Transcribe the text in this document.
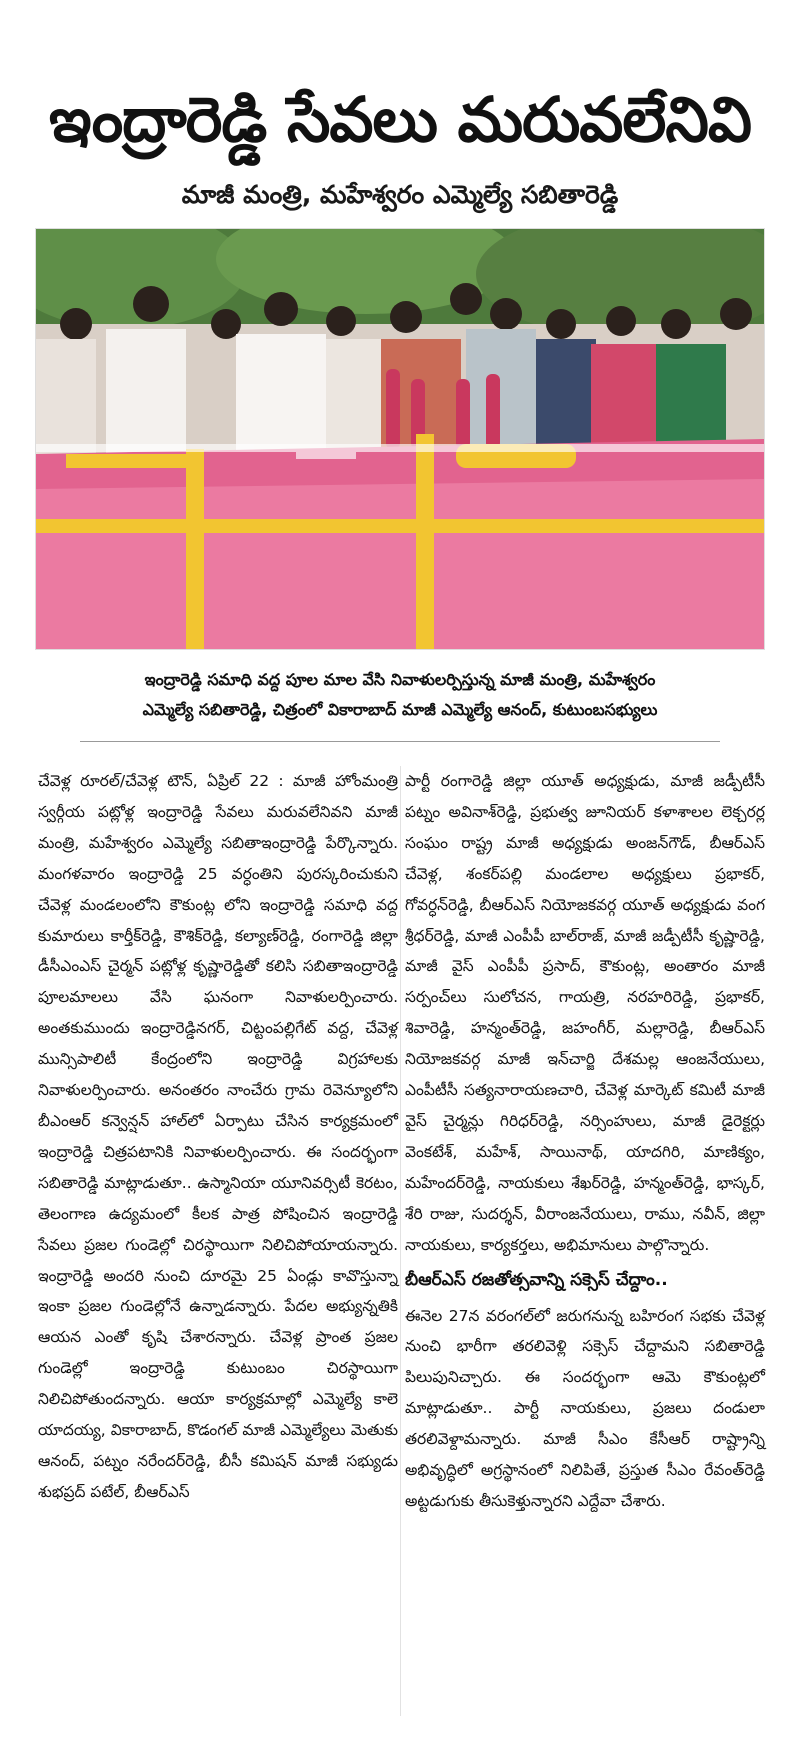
ఇంద్రారెడ్డి సేవలు మరువలేనివి
మాజీ మంత్రి, మహేశ్వరం ఎమ్మెల్యే సబితారెడ్డి
ఇంద్రారెడ్డి సమాధి వద్ద పూల మాల వేసి నివాళులర్పిస్తున్న మాజీ మంత్రి, మహేశ్వరం
ఎమ్మెల్యే సబితారెడ్డి, చిత్రంలో వికారాబాద్ మాజీ ఎమ్మెల్యే ఆనంద్, కుటుంబసభ్యులు

చేవెళ్ల రూరల్/చేవెళ్ల టౌన్, ఏప్రిల్ 22 : మాజీ హోంమంత్రి స్వర్గీయ పట్లోళ్ల ఇంద్రారెడ్డి సేవలు మరువలేనివని మాజీ మంత్రి, మహేశ్వరం ఎమ్మెల్యే సబితాఇంద్రారెడ్డి పేర్కొన్నారు. మంగళవారం ఇంద్రారెడ్డి 25 వర్ధంతిని పురస్కరించుకుని చేవెళ్ల మండలంలోని కౌకుంట్ల లోని ఇంద్రారెడ్డి సమాధి వద్ద కుమారులు కార్తీక్‌రెడ్డి, కౌశిక్‌రెడ్డి, కల్యాణ్‌రెడ్డి, రంగారెడ్డి జిల్లా డీసీఎంఎస్ చైర్మన్ పట్లోళ్ల కృష్ణారెడ్డితో కలిసి సబితాఇంద్రారెడ్డి పూలమాలలు వేసి ఘనంగా నివాళులర్పించారు. అంతకుముందు ఇంద్రారెడ్డినగర్, చిట్టంపల్లిగేట్ వద్ద, చేవెళ్ల మున్సిపాలిటీ కేంద్రంలోని ఇంద్రారెడ్డి విగ్రహాలకు నివాళులర్పించారు. అనంతరం నాంచేరు గ్రామ రెవెన్యూలోని బీఎంఆర్ కన్వెన్షన్ హాల్‌లో ఏర్పాటు చేసిన కార్యక్రమంలో ఇంద్రారెడ్డి చిత్రపటానికి నివాళులర్పించారు. ఈ సందర్భంగా సబితారెడ్డి మాట్లాడుతూ.. ఉస్మానియా యూనివర్సిటీ కెరటం, తెలంగాణ ఉద్యమంలో కీలక పాత్ర పోషించిన ఇంద్రారెడ్డి సేవలు ప్రజల గుండెల్లో చిరస్థాయిగా నిలిచిపోయాయన్నారు. ఇంద్రారెడ్డి అందరి నుంచి దూరమై 25 ఏండ్లు కావొస్తున్నా ఇంకా ప్రజల గుండెల్లోనే ఉన్నాడన్నారు. పేదల అభ్యున్నతికి ఆయన ఎంతో కృషి చేశారన్నారు. చేవెళ్ల ప్రాంత ప్రజల గుండెల్లో ఇంద్రారెడ్డి కుటుంబం చిరస్థాయిగా నిలిచిపోతుందన్నారు. ఆయా కార్యక్రమాల్లో ఎమ్మెల్యే కాలె యాదయ్య, వికారాబాద్, కొడంగల్ మాజీ ఎమ్మెల్యేలు మెతుకు ఆనంద్, పట్నం నరేందర్‌రెడ్డి, బీసీ కమిషన్ మాజీ సభ్యుడు శుభప్రద్ పటేల్, బీఆర్‌ఎస్

పార్టీ రంగారెడ్డి జిల్లా యూత్ అధ్యక్షుడు, మాజీ జడ్పీటీసీ పట్నం అవినాశ్‌రెడ్డి, ప్రభుత్వ జూనియర్ కళాశాలల లెక్చరర్ల సంఘం రాష్ట్ర మాజీ అధ్యక్షుడు అంజన్‌గౌడ్, బీఆర్‌ఎస్ చేవెళ్ల, శంకర్‌పల్లి మండలాల అధ్యక్షులు ప్రభాకర్, గోవర్ధన్‌రెడ్డి, బీఆర్‌ఎస్ నియోజకవర్గ యూత్ అధ్యక్షుడు వంగ శ్రీధర్‌రెడ్డి, మాజీ ఎంపీపీ బాల్‌రాజ్, మాజీ జడ్పీటీసీ కృష్ణారెడ్డి, మాజీ వైస్ ఎంపీపీ ప్రసాద్, కౌకుంట్ల, అంతారం మాజీ సర్పంచ్‌లు సులోచన, గాయత్రి, నరహరిరెడ్డి, ప్రభాకర్, శివారెడ్డి, హన్మంత్‌రెడ్డి, జహంగీర్, మల్లారెడ్డి, బీఆర్‌ఎస్ నియోజకవర్గ మాజీ ఇన్‌చార్జి దేశమల్ల ఆంజనేయులు, ఎంపీటీసీ సత్యనారాయణచారి, చేవెళ్ల మార్కెట్ కమిటీ మాజీ వైస్ చైర్మన్లు గిరిధర్‌రెడ్డి, నర్సింహులు, మాజీ డైరెక్టర్లు వెంకటేశ్, మహేశ్, సాయినాథ్, యాదగిరి, మాణిక్యం, మహేందర్‌రెడ్డి, నాయకులు శేఖర్‌రెడ్డి, హన్మంత్‌రెడ్డి, భాస్కర్, శేరి రాజు, సుదర్శన్, వీరాంజనేయులు, రాము, నవీన్, జిల్లా నాయకులు, కార్యకర్తలు, అభిమానులు పాల్గొన్నారు.

బీఆర్‌ఎస్ రజతోత్సవాన్ని సక్సెస్ చేద్దాం..

ఈనెల 27న వరంగల్‌లో జరుగనున్న బహిరంగ సభకు చేవెళ్ల నుంచి భారీగా తరలివెళ్లి సక్సెస్ చేద్దామని సబితారెడ్డి పిలుపునిచ్చారు. ఈ సందర్భంగా ఆమె కౌకుంట్లలో మాట్లాడుతూ.. పార్టీ నాయకులు, ప్రజలు దండులా తరలివెళ్దామన్నారు. మాజీ సీఎం కేసీఆర్ రాష్ట్రాన్ని అభివృద్ధిలో అగ్రస్థానంలో నిలిపితే, ప్రస్తుత సీఎం రేవంత్‌రెడ్డి అట్టడుగుకు తీసుకెళ్తున్నారని ఎద్దేవా చేశారు.
